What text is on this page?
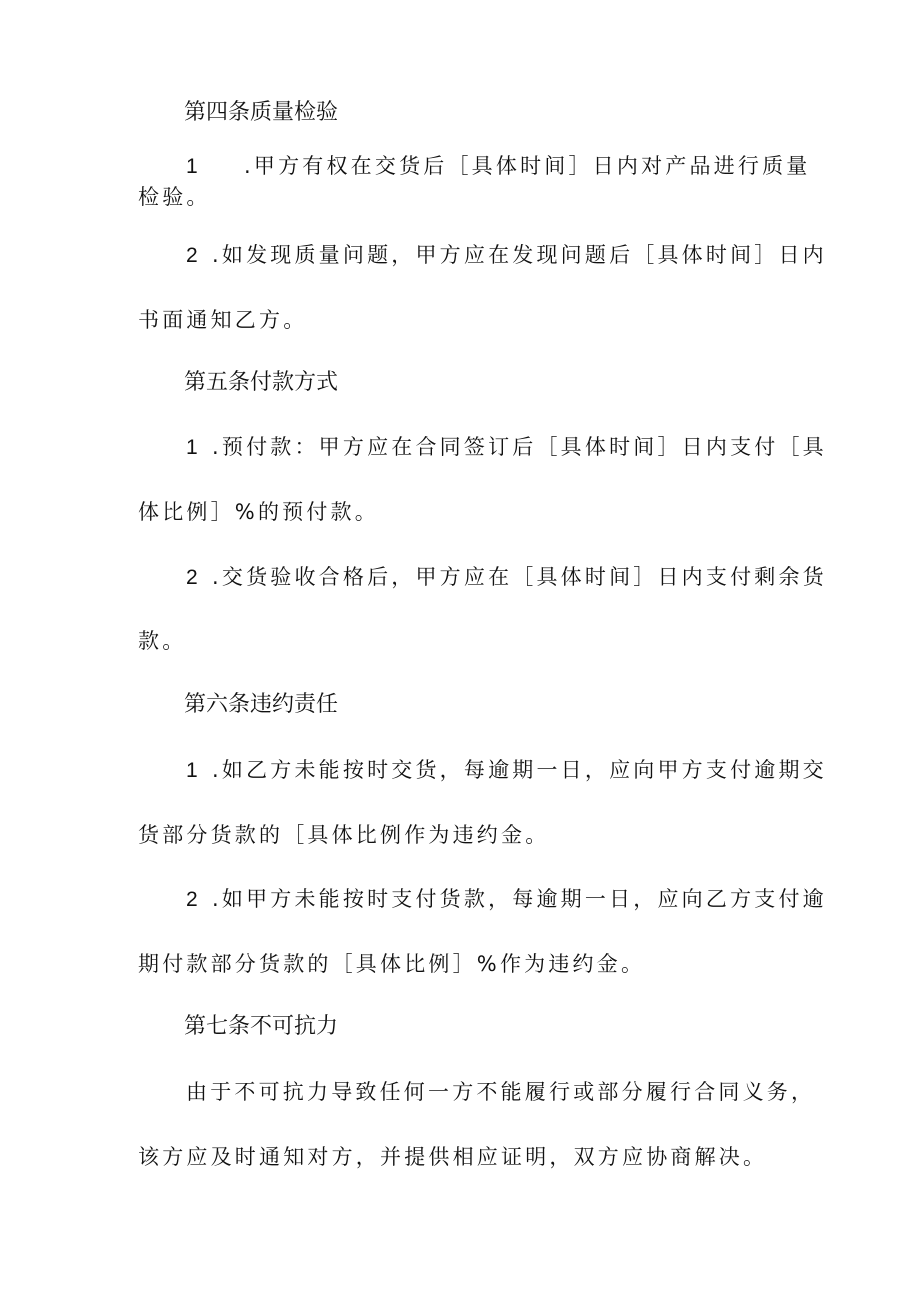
第四条质量检验
1 .甲方有权在交货后［具体时间］日内对产品进行质量
检验。
2 .如发现质量问题，甲方应在发现问题后［具体时间］日内
书面通知乙方。
第五条付款方式
1 .预付款：甲方应在合同签订后［具体时间］日内支付［具
体比例］%的预付款。
2 .交货验收合格后，甲方应在［具体时间］日内支付剩余货
款。
第六条违约责任
1 .如乙方未能按时交货，每逾期一日，应向甲方支付逾期交
货部分货款的［具体比例作为违约金。
2 .如甲方未能按时支付货款，每逾期一日，应向乙方支付逾
期付款部分货款的［具体比例］%作为违约金。
第七条不可抗力
由于不可抗力导致任何一方不能履行或部分履行合同义务，
该方应及时通知对方，并提供相应证明，双方应协商解决。
